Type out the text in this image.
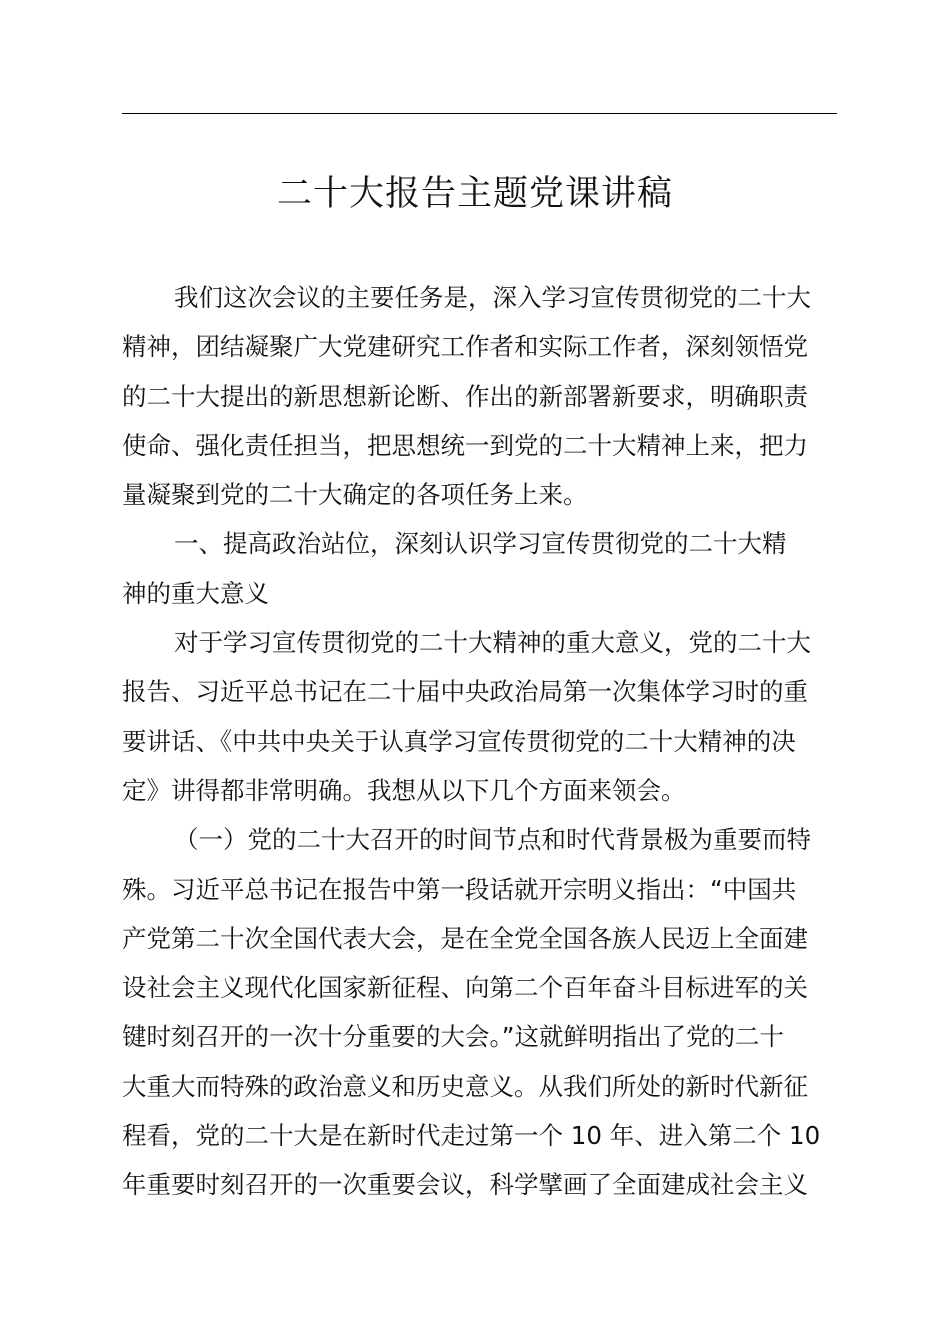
二十大报告主题党课讲稿
我们这次会议的主要任务是，深入学习宣传贯彻党的二十大
精神，团结凝聚广大党建研究工作者和实际工作者，深刻领悟党
的二十大提出的新思想新论断、作出的新部署新要求，明确职责
使命、强化责任担当，把思想统一到党的二十大精神上来，把力
量凝聚到党的二十大确定的各项任务上来。
一、提高政治站位，深刻认识学习宣传贯彻党的二十大精
神的重大意义
对于学习宣传贯彻党的二十大精神的重大意义，党的二十大
报告、习近平总书记在二十届中央政治局第一次集体学习时的重
要讲话、《中共中央关于认真学习宣传贯彻党的二十大精神的决
定》讲得都非常明确。我想从以下几个方面来领会。
（一）党的二十大召开的时间节点和时代背景极为重要而特
殊。习近平总书记在报告中第一段话就开宗明义指出：“中国共
产党第二十次全国代表大会，是在全党全国各族人民迈上全面建
设社会主义现代化国家新征程、向第二个百年奋斗目标进军的关
键时刻召开的一次十分重要的大会。”这就鲜明指出了党的二十
大重大而特殊的政治意义和历史意义。从我们所处的新时代新征
程看，党的二十大是在新时代走过第一个 10 年、进入第二个 10
年重要时刻召开的一次重要会议，科学擘画了全面建成社会主义
